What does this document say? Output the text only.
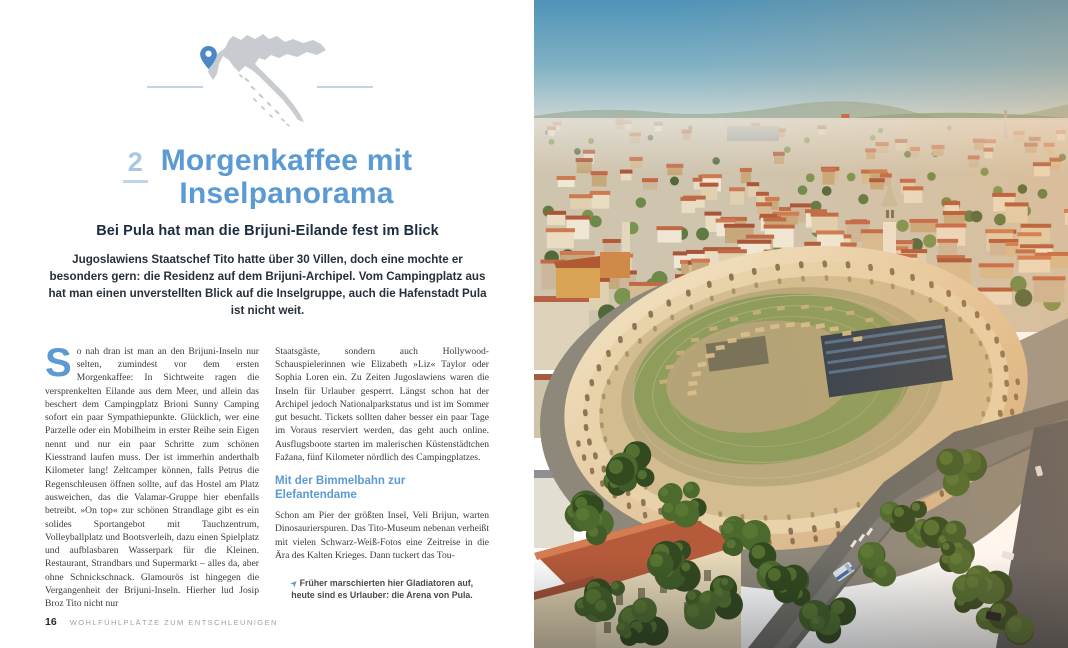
2 Morgenkaffee mit
Inselpanorama
Bei Pula hat man die Brijuni-Eilande fest im Blick

Jugoslawiens Staatschef Tito hatte über 30 Villen, doch eine mochte er besonders gern: die Residenz auf dem Brijuni-Archipel. Vom Campingplatz aus hat man einen unverstellten Blick auf die Inselgruppe, auch die Hafenstadt Pula ist nicht weit.

So nah dran ist man an den Brijuni-Inseln nur selten, zumindest vor dem ersten Morgenkaffee: In Sichtweite ragen die versprenkelten Eilande aus dem Meer, und allein das beschert dem Campingplatz Brioni Sunny Camping sofort ein paar Sympathiepunkte. Glücklich, wer eine Parzelle oder ein Mobilheim in erster Reihe sein Eigen nennt und nur ein paar Schritte zum schönen Kiesstrand laufen muss. Der ist immerhin anderthalb Kilometer lang! Zeltcamper können, falls Petrus die Regenschleusen öffnen sollte, auf das Hostel am Platz ausweichen, das die Valamar-Gruppe hier ebenfalls betreibt. »On top« zur schönen Strandlage gibt es ein solides Sportangebot mit Tauchzentrum, Volleyballplatz und Bootsverleih, dazu einen Spielplatz und aufblasbaren Wasserpark für die Kleinen. Restaurant, Strandbars und Supermarkt – alles da, aber ohne Schnickschnack. Glamourös ist hingegen die Vergangenheit der Brijuni-Inseln. Hierher lud Josip Broz Tito nicht nur
Staatsgäste, sondern auch Hollywood-Schauspielerinnen wie Elizabeth »Liz« Taylor oder Sophia Loren ein. Zu Zeiten Jugoslawiens waren die Inseln für Urlauber gesperrt. Längst schon hat der Archipel jedoch Nationalparkstatus und ist im Sommer gut besucht. Tickets sollten daher besser ein paar Tage im Voraus reserviert werden, das geht auch online. Ausflugsboote starten im malerischen Küstenstädtchen Fažana, fünf Kilometer nördlich des Campingplatzes.
Mit der Bimmelbahn zur Elefantendame
Schon am Pier der größten Insel, Veli Brijun, warten Dinosaurierspuren. Das Tito-Museum nebenan verheißt mit vielen Schwarz-Weiß-Fotos eine Zeitreise in die Ära des Kalten Krieges. Dann tuckert das Tou-
➤Früher marschierten hier Gladiatoren auf,
heute sind es Urlauber: die Arena von Pula.
16 WOHLFÜHLPLÄTZE ZUM ENTSCHLEUNIGEN
